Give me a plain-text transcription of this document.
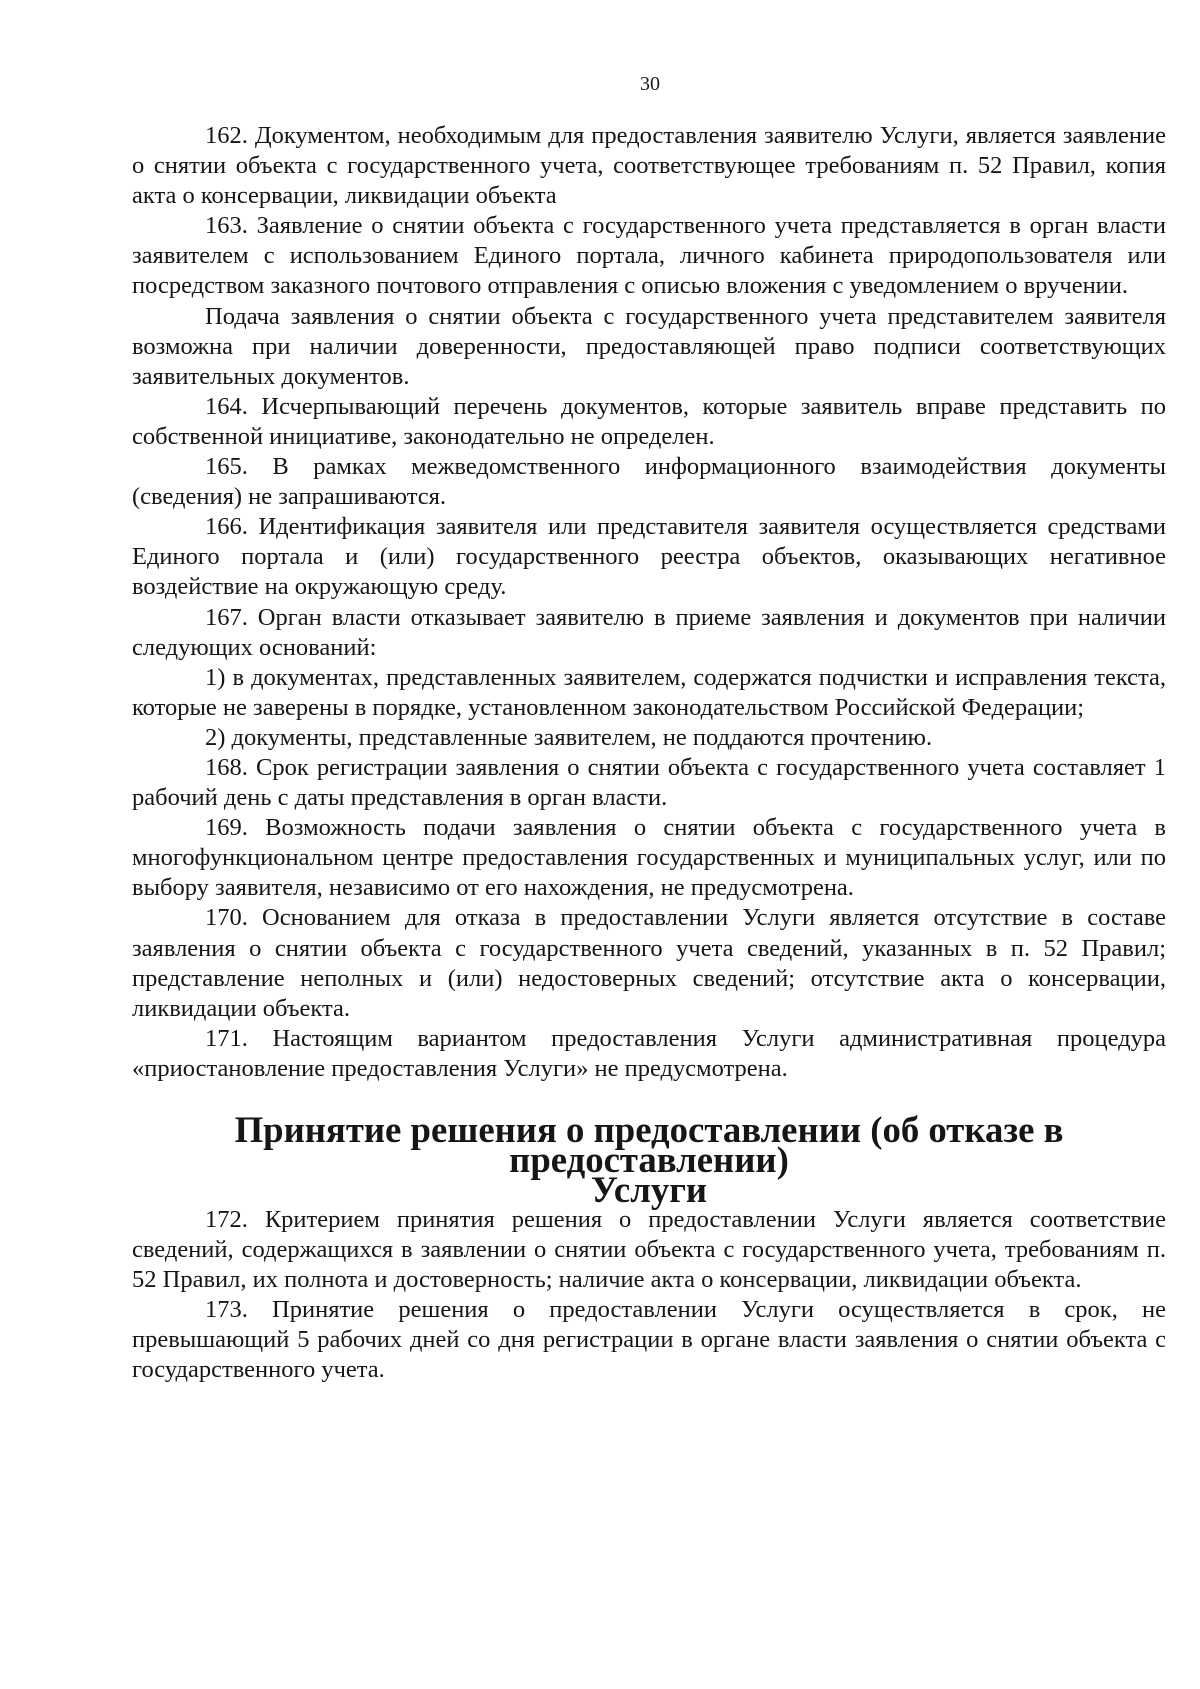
30

162. Документом, необходимым для предоставления заявителю Услуги, является заявление о снятии объекта с государственного учета, соответствующее требованиям п. 52 Правил, копия акта о консервации, ликвидации объекта

163. Заявление о снятии объекта с государственного учета представляется в орган власти заявителем с использованием Единого портала, личного кабинета природопользователя или посредством заказного почтового отправления с описью вложения с уведомлением о вручении.

Подача заявления о снятии объекта с государственного учета представителем заявителя возможна при наличии доверенности, предоставляющей право подписи соответствующих заявительных документов.

164. Исчерпывающий перечень документов, которые заявитель вправе представить по собственной инициативе, законодательно не определен.

165. В рамках межведомственного информационного взаимодействия документы (сведения) не запрашиваются.

166. Идентификация заявителя или представителя заявителя осуществляется средствами Единого портала и (или) государственного реестра объектов, оказывающих негативное воздействие на окружающую среду.

167. Орган власти отказывает заявителю в приеме заявления и документов при наличии следующих оснований:

1) в документах, представленных заявителем, содержатся подчистки и исправления текста, которые не заверены в порядке, установленном законодательством Российской Федерации;

2) документы, представленные заявителем, не поддаются прочтению.

168. Срок регистрации заявления о снятии объекта с государственного учета составляет 1 рабочий день с даты представления в орган власти.

169. Возможность подачи заявления о снятии объекта с государственного учета в многофункциональном центре предоставления государственных и муниципальных услуг, или по выбору заявителя, независимо от его нахождения, не предусмотрена.

170. Основанием для отказа в предоставлении Услуги является отсутствие в составе заявления о снятии объекта с государственного учета сведений, указанных в п. 52 Правил; представление неполных и (или) недостоверных сведений; отсутствие акта о консервации, ликвидации объекта.

171. Настоящим вариантом предоставления Услуги административная процедура «приостановление предоставления Услуги» не предусмотрена.

Принятие решения о предоставлении (об отказе в предоставлении)
Услуги

172. Критерием принятия решения о предоставлении Услуги является соответствие сведений, содержащихся в заявлении о снятии объекта с государственного учета, требованиям п. 52 Правил, их полнота и достоверность; наличие акта о консервации, ликвидации объекта.

173. Принятие решения о предоставлении Услуги осуществляется в срок, не превышающий 5 рабочих дней со дня регистрации в органе власти заявления о снятии объекта с государственного учета.
